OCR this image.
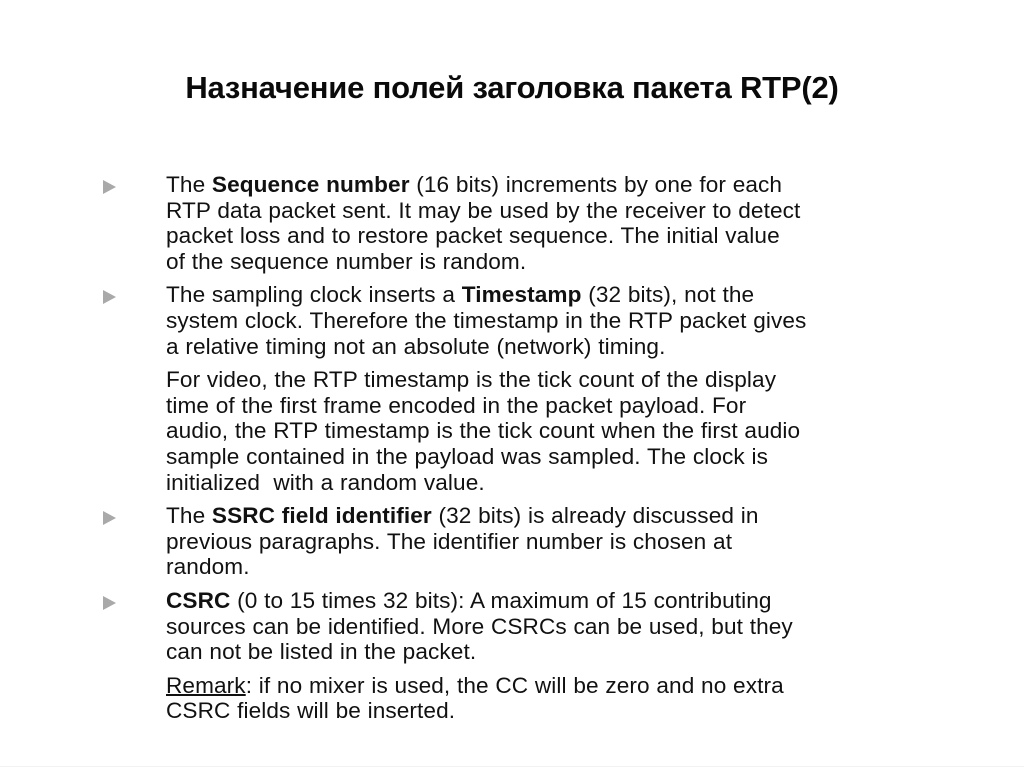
Назначение полей заголовка пакета RTP(2)
The Sequence number (16 bits) increments by one for each
RTP data packet sent. It may be used by the receiver to detect
packet loss and to restore packet sequence. The initial value
of the sequence number is random.
The sampling clock inserts a Timestamp (32 bits), not the
system clock. Therefore the timestamp in the RTP packet gives
a relative timing not an absolute (network) timing.
For video, the RTP timestamp is the tick count of the display
time of the first frame encoded in the packet payload. For
audio, the RTP timestamp is the tick count when the first audio
sample contained in the payload was sampled. The clock is
initialized  with a random value.
The SSRC field identifier (32 bits) is already discussed in
previous paragraphs. The identifier number is chosen at
random.
CSRC (0 to 15 times 32 bits): A maximum of 15 contributing
sources can be identified. More CSRCs can be used, but they
can not be listed in the packet.
Remark: if no mixer is used, the CC will be zero and no extra
CSRC fields will be inserted.
